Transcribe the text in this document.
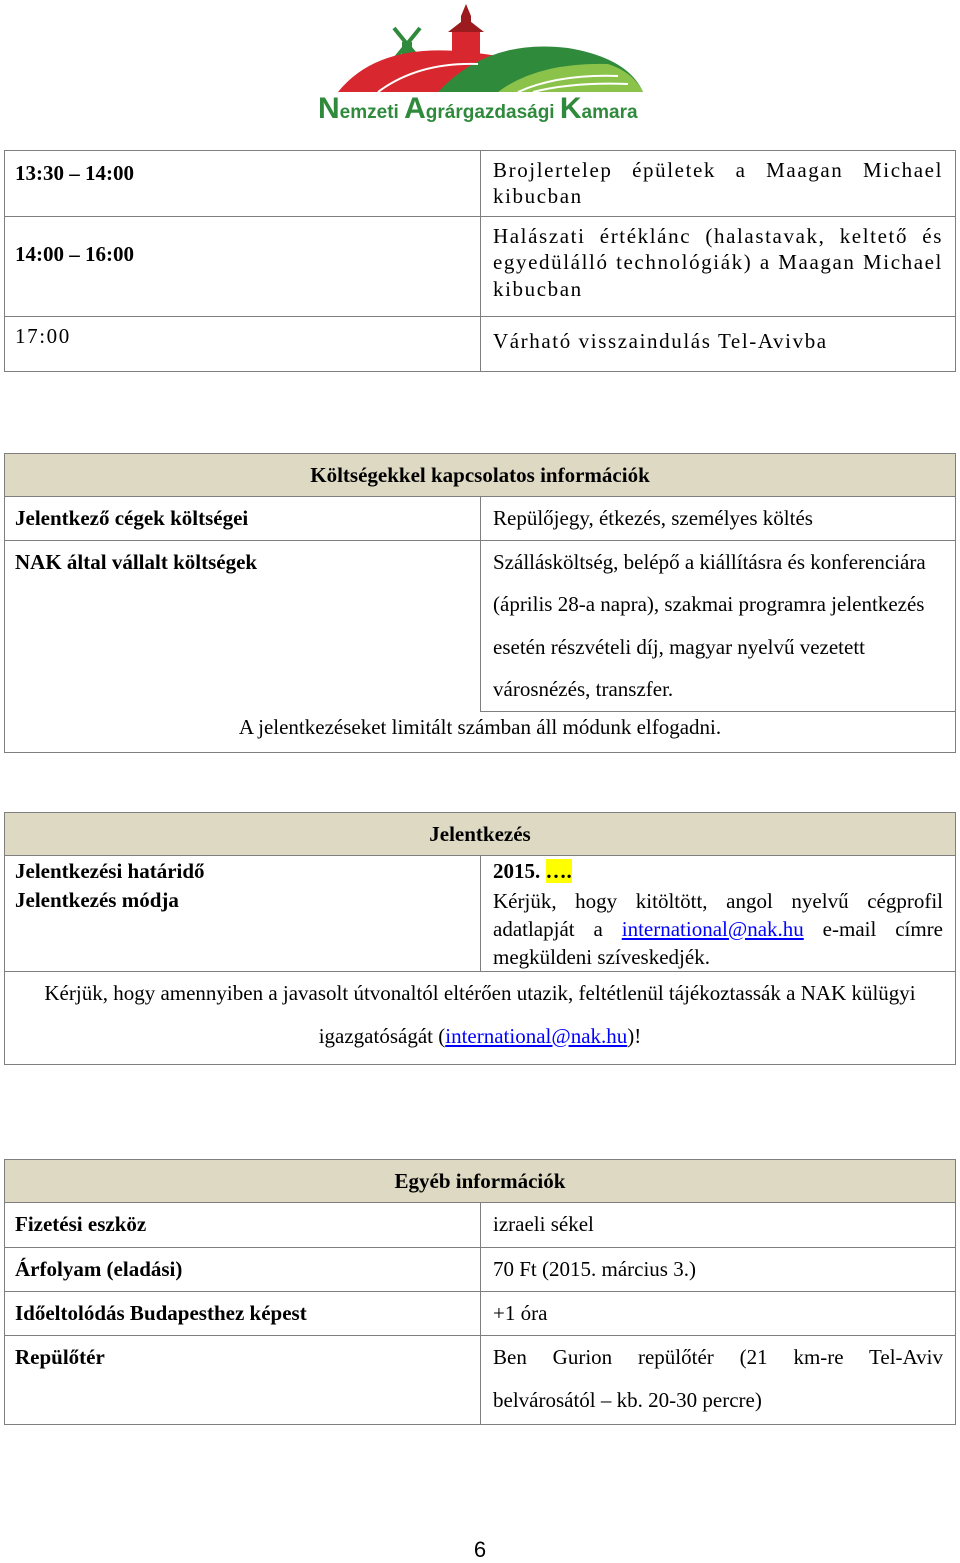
Nemzeti Agrárgazdasági Kamara
13:30 – 14:00	Brojlertelep épületek a Maagan Michael kibucban
14:00 – 16:00	Halászati értéklánc (halastavak, keltető és egyedülálló technológiák) a Maagan Michael kibucban
17:00	Várható visszaindulás Tel-Avivba
Költségekkel kapcsolatos információk	
Jelentkező cégek költségei	Repülőjegy, étkezés, személyes költés
NAK által vállalt költségek	Szállásköltség, belépő a kiállításra és konferenciára (április 28-a napra), szakmai programra jelentkezés esetén részvételi díj, magyar nyelvű vezetett városnézés, transzfer.
A jelentkezéseket limitált számban áll módunk elfogadni.	
Jelentkezés	
Jelentkezési határidő	2015. ….
Jelentkezés módja	Kérjük, hogy kitöltött, angol nyelvű cégprofil adatlapját a international@nak.hu e-mail címre megküldeni szíveskedjék.
Kérjük, hogy amennyiben a javasolt útvonaltól eltérően utazik, feltétlenül tájékoztassák a NAK külügyi igazgatóságát (international@nak.hu)!	
Egyéb információk	
Fizetési eszköz	izraeli sékel
Árfolyam (eladási)	70 Ft (2015. március 3.)
Időeltolódás Budapesthez képest	+1 óra
Repülőtér	Ben Gurion repülőtér (21 km-re Tel-Aviv belvárosától – kb. 20-30 percre)
6
